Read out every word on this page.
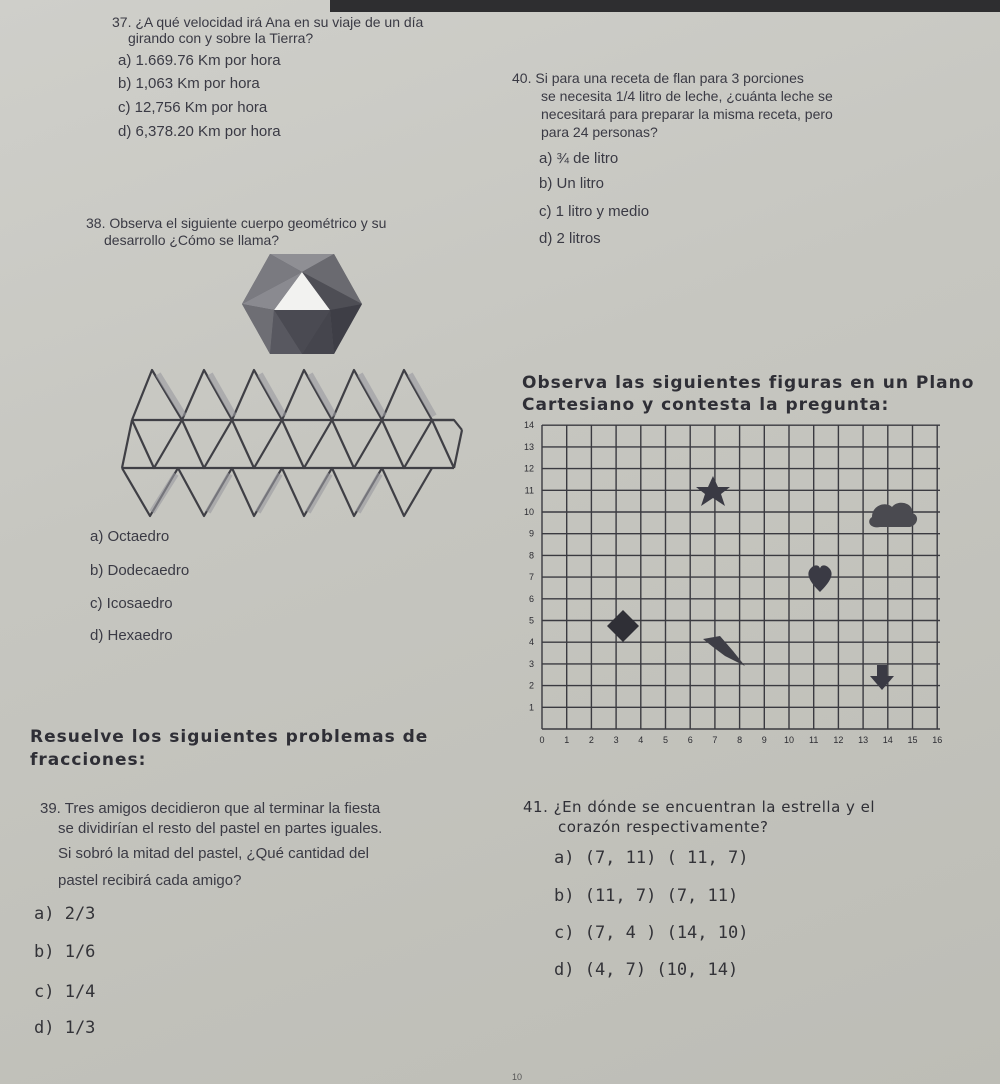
37. ¿A qué velocidad irá Ana en su viaje de un día
girando con y sobre la Tierra?
a) 1.669.76 Km por hora
b) 1,063 Km por hora
c) 12,756 Km por hora
d) 6,378.20 Km por hora
40. Si para una receta de flan para 3 porciones
se necesita 1/4 litro de leche, ¿cuánta leche se
necesitará para preparar la misma receta, pero
para 24 personas?
a) ¾ de litro
b) Un litro
c) 1 litro y medio
d) 2 litros
38. Observa el siguiente cuerpo geométrico y su
desarrollo ¿Cómo se llama?
a) Octaedro
b) Dodecaedro
c) Icosaedro
d) Hexaedro
Observa las siguientes figuras en un Plano
Cartesiano y contesta la pregunta:
0 1 2 3 4 5 6 7 8 9 10 11 12 13 14 15 16
1
2
3
4
5
6
7
8
9
10
11
12
13
14
Resuelve los siguientes problemas de
fracciones:
39. Tres amigos decidieron que al terminar la fiesta
se dividirían el resto del pastel en partes iguales.
Si sobró la mitad del pastel, ¿Qué cantidad del
pastel recibirá cada amigo?
a) 2/3
b) 1/6
c) 1/4
d) 1/3
41. ¿En dónde se encuentran la estrella y el
corazón respectivamente?
a) (7, 11) ( 11, 7)
b) (11, 7) (7, 11)
c) (7, 4 ) (14, 10)
d) (4, 7) (10, 14)
10
